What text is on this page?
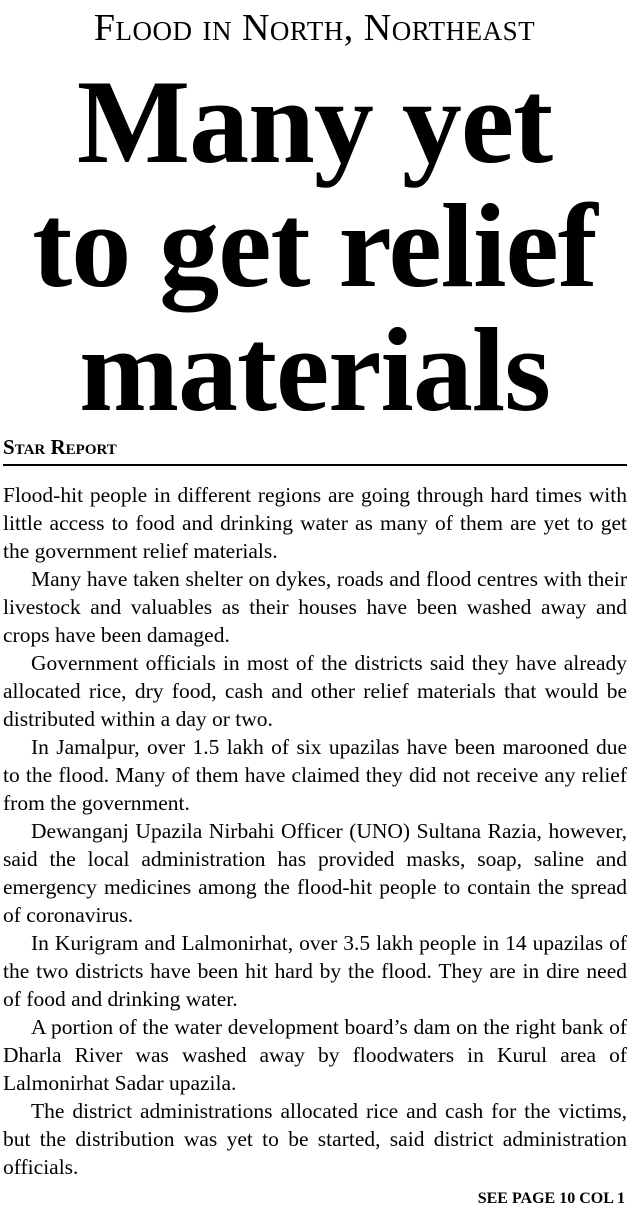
Flood in North, Northeast
Many yet
to get relief
materials
Star Report

Flood-hit people in different regions are going through hard times with little access to food and drinking water as many of them are yet to get the government relief materials.

Many have taken shelter on dykes, roads and flood centres with their livestock and valuables as their houses have been washed away and crops have been damaged.

Government officials in most of the districts said they have already allocated rice, dry food, cash and other relief materials that would be distributed within a day or two.

In Jamalpur, over 1.5 lakh of six upazilas have been marooned due to the flood. Many of them have claimed they did not receive any relief from the government.

Dewanganj Upazila Nirbahi Officer (UNO) Sultana Razia, however, said the local administration has provided masks, soap, saline and emergency medicines among the flood-hit people to contain the spread of coronavirus.

In Kurigram and Lalmonirhat, over 3.5 lakh people in 14 upazilas of the two districts have been hit hard by the flood. They are in dire need of food and drinking water.

A portion of the water development board’s dam on the right bank of Dharla River was washed away by floodwaters in Kurul area of Lalmonirhat Sadar upazila.

The district administrations allocated rice and cash for the victims, but the distribution was yet to be started, said district administration officials.

SEE PAGE 10 COL 1
